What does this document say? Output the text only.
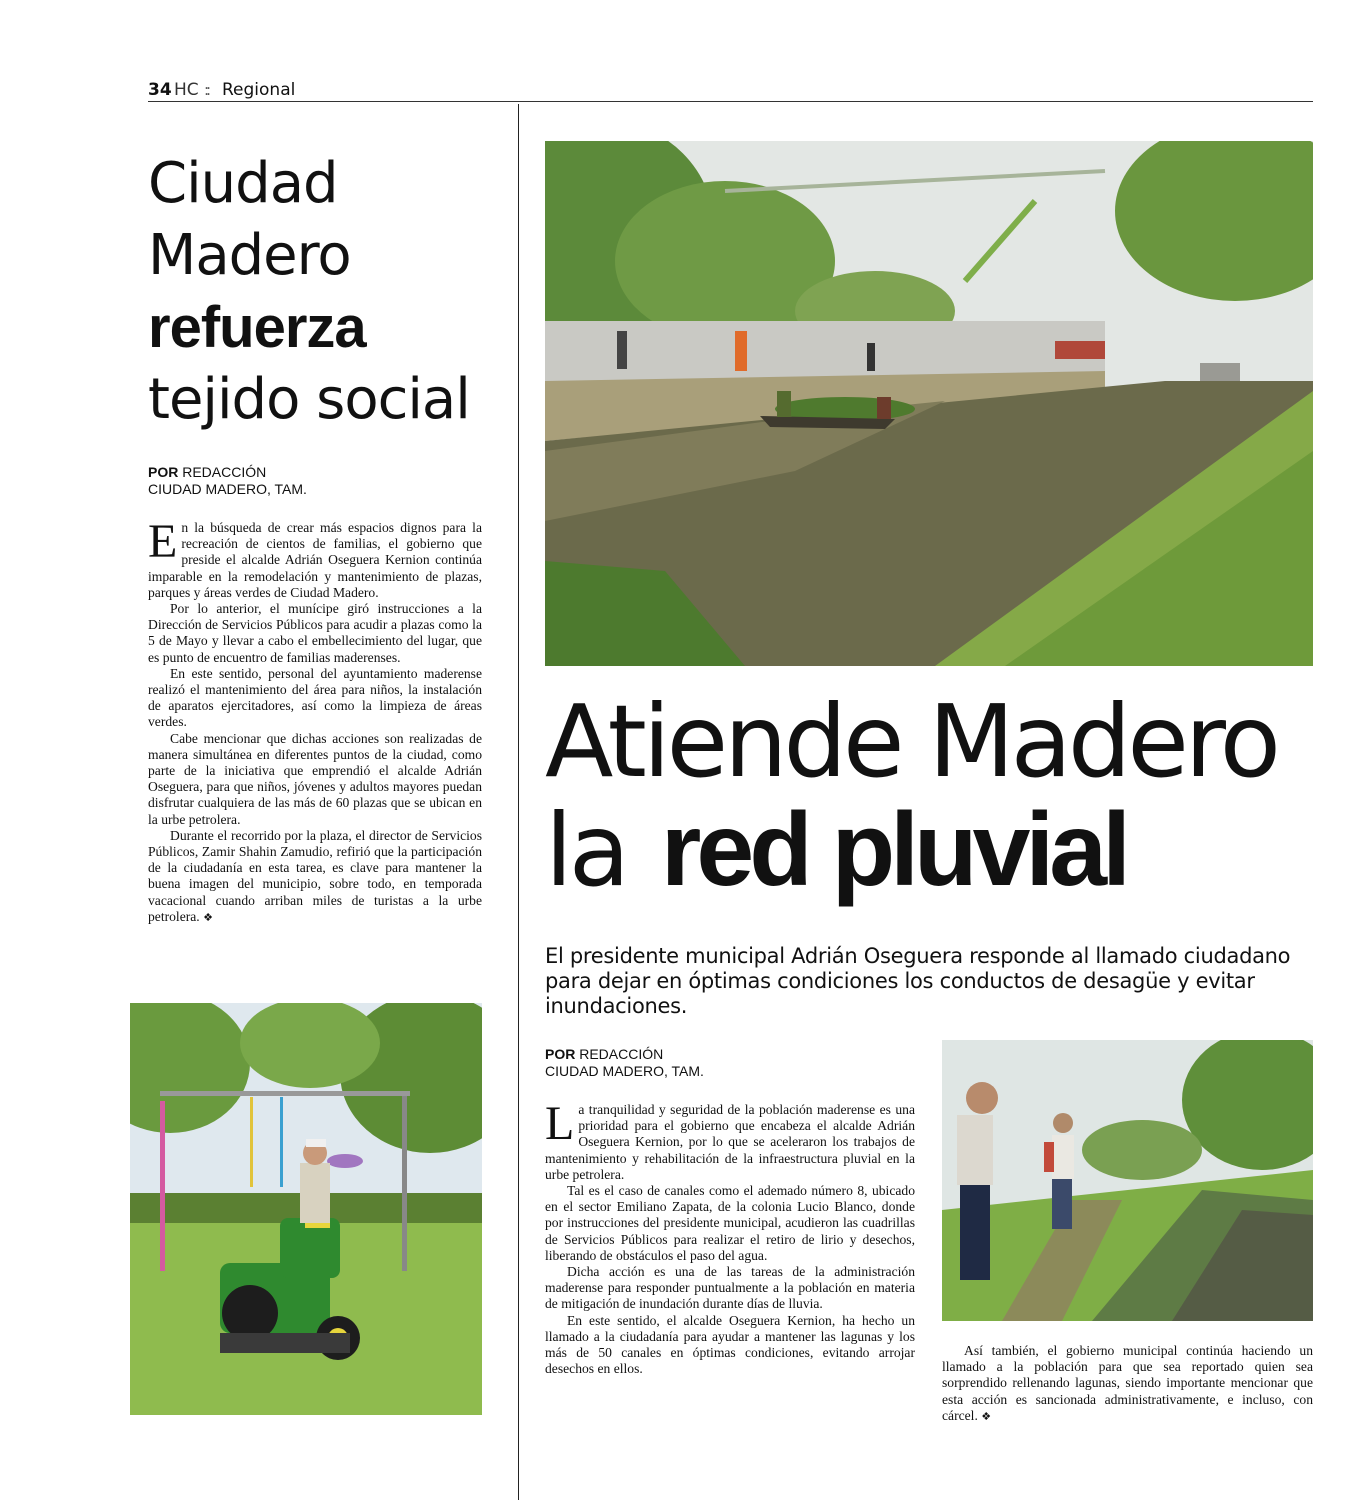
34 HC :: Regional
Ciudad
Madero
refuerza
tejido social
POR REDACCIÓN
CIUDAD MADERO, TAM.

En la búsqueda de crear más espacios dignos para la recreación de cientos de familias, el gobierno que preside el alcalde Adrián Oseguera Kernion continúa imparable en la remodelación y mantenimiento de plazas, parques y áreas verdes de Ciudad Madero.

Por lo anterior, el munícipe giró instrucciones a la Dirección de Servicios Públicos para acudir a plazas como la 5 de Mayo y llevar a cabo el embellecimiento del lugar, que es punto de encuentro de familias maderenses.

En este sentido, personal del ayuntamiento maderense realizó el mantenimiento del área para niños, la instalación de aparatos ejercitadores, así como la limpieza de áreas verdes.

Cabe mencionar que dichas acciones son realizadas de manera simultánea en diferentes puntos de la ciudad, como parte de la iniciativa que emprendió el alcalde Adrián Oseguera, para que niños, jóvenes y adultos mayores puedan disfrutar cualquiera de las más de 60 plazas que se ubican en la urbe petrolera.

Durante el recorrido por la plaza, el director de Servicios Públicos, Zamir Shahin Zamudio, refirió que la participación de la ciudadanía en esta tarea, es clave para mantener la buena imagen del municipio, sobre todo, en temporada vacacional cuando arriban miles de turistas a la urbe petrolera. ❖

Atiende Madero
la red pluvial
El presidente municipal Adrián Oseguera responde al llamado ciudadano para dejar en óptimas condiciones los conductos de desagüe y evitar inundaciones.
POR REDACCIÓN
CIUDAD MADERO, TAM.

La tranquilidad y seguridad de la población maderense es una prioridad para el gobierno que encabeza el alcalde Adrián Oseguera Kernion, por lo que se aceleraron los trabajos de mantenimiento y rehabilitación de la infraestructura pluvial en la urbe petrolera.

Tal es el caso de canales como el ademado número 8, ubicado en el sector Emiliano Zapata, de la colonia Lucio Blanco, donde por instrucciones del presidente municipal, acudieron las cuadrillas de Servicios Públicos para realizar el retiro de lirio y desechos, liberando de obstáculos el paso del agua.

Dicha acción es una de las tareas de la administración maderense para responder puntualmente a la población en materia de mitigación de inundación durante días de lluvia.

En este sentido, el alcalde Oseguera Kernion, ha hecho un llamado a la ciudadanía para ayudar a mantener las lagunas y los más de 50 canales en óptimas condiciones, evitando arrojar desechos en ellos.

Así también, el gobierno municipal continúa haciendo un llamado a la población para que sea reportado quien sea sorprendido rellenando lagunas, siendo importante mencionar que esta acción es sancionada administrativamente, e incluso, con cárcel. ❖
